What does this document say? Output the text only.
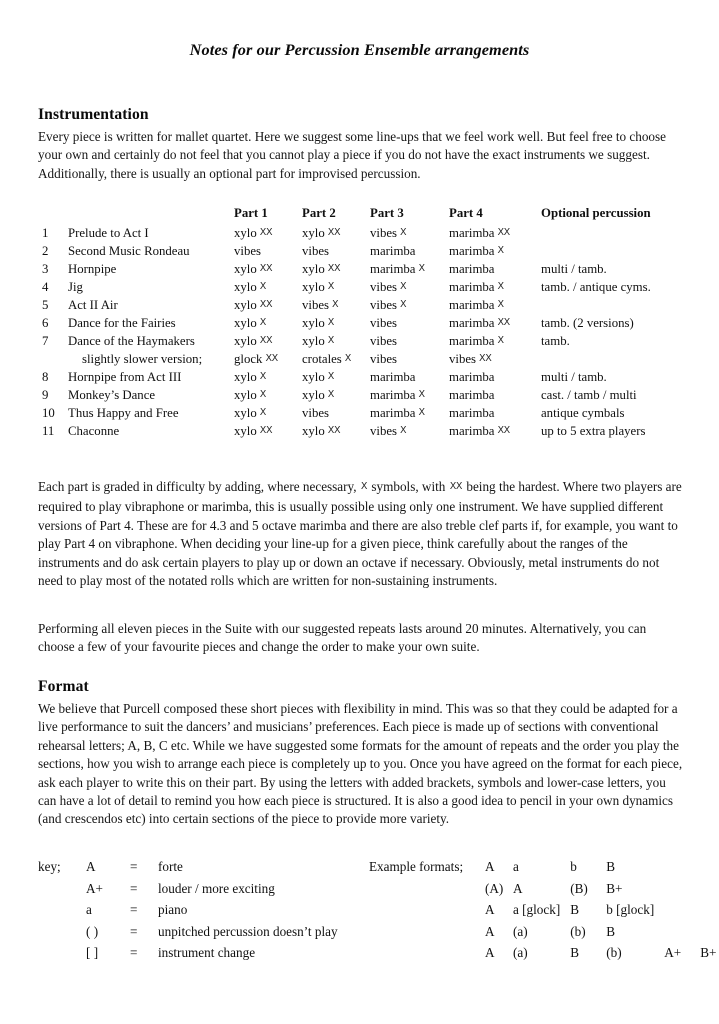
Notes for our Percussion Ensemble arrangements
Instrumentation

Every piece is written for mallet quartet. Here we suggest some line-ups that we feel work well. But feel free to choose your own and certainly do not feel that you cannot play a piece if you do not have the exact instruments we suggest. Additionally, there is usually an optional part for improvised percussion.

		Part 1	Part 2	Part 3	Part 4	Optional percussion
1	Prelude to Act I	xylo XX	xylo XX	vibes X	marimba XX	
2	Second Music Rondeau	vibes	vibes	marimba	marimba X	
3	Hornpipe	xylo XX	xylo XX	marimba X	marimba	multi / tamb.
4	Jig	xylo X	xylo X	vibes X	marimba X	tamb. / antique cyms.
5	Act II Air	xylo XX	vibes X	vibes X	marimba X	
6	Dance for the Fairies	xylo X	xylo X	vibes	marimba XX	tamb. (2 versions)
7	Dance of the Haymakers	xylo XX	xylo X	vibes	marimba X	tamb.
	slightly slower version;	glock XX	crotales X	vibes	vibes XX	
8	Hornpipe from Act III	xylo X	xylo X	marimba	marimba	multi / tamb.
9	Monkey’s Dance	xylo X	xylo X	marimba X	marimba	cast. / tamb / multi
10	Thus Happy and Free	xylo X	vibes	marimba X	marimba	antique cymbals
11	Chaconne	xylo XX	xylo XX	vibes X	marimba XX	up to 5 extra players

Each part is graded in difficulty by adding, where necessary, X symbols, with XX being the hardest. Where two players are required to play vibraphone or marimba, this is usually possible using only one instrument. We have supplied different versions of Part 4. These are for 4.3 and 5 octave marimba and there are also treble clef parts if, for example, you want to play Part 4 on vibraphone. When deciding your line-up for a given piece, think carefully about the ranges of the instruments and do ask certain players to play up or down an octave if necessary. Obviously, metal instruments do not need to play most of the notated rolls which are written for non-sustaining instruments.

Performing all eleven pieces in the Suite with our suggested repeats lasts around 20 minutes. Alternatively, you can choose a few of your favourite pieces and change the order to make your own suite.

Format

We believe that Purcell composed these short pieces with flexibility in mind. This was so that they could be adapted for a live performance to suit the dancers’ and musicians’ preferences. Each piece is made up of sections with conventional rehearsal letters; A, B, C etc. While we have suggested some formats for the amount of repeats and the order you play the sections, how you wish to arrange each piece is completely up to you. Once you have agreed on the format for each piece, ask each player to write this on their part. By using the letters with added brackets, symbols and lower-case letters, you can have a lot of detail to remind you how each piece is structured. It is also a good idea to pencil in your own dynamics (and crescendos etc) into certain sections of the piece to provide more variety.

key;	A	=	forte
	A+	=	louder / more exciting
	a	=	piano
	( )	=	unpitched percussion doesn’t play
	[ ]	=	instrument change
Example formats;	A	a	b	B		
	(A)	A	(B)	B+		
	A	a [glock]	B	b [glock]		
	A	(a)	(b)	B		
	A	(a)	B	(b)	A+	B+
